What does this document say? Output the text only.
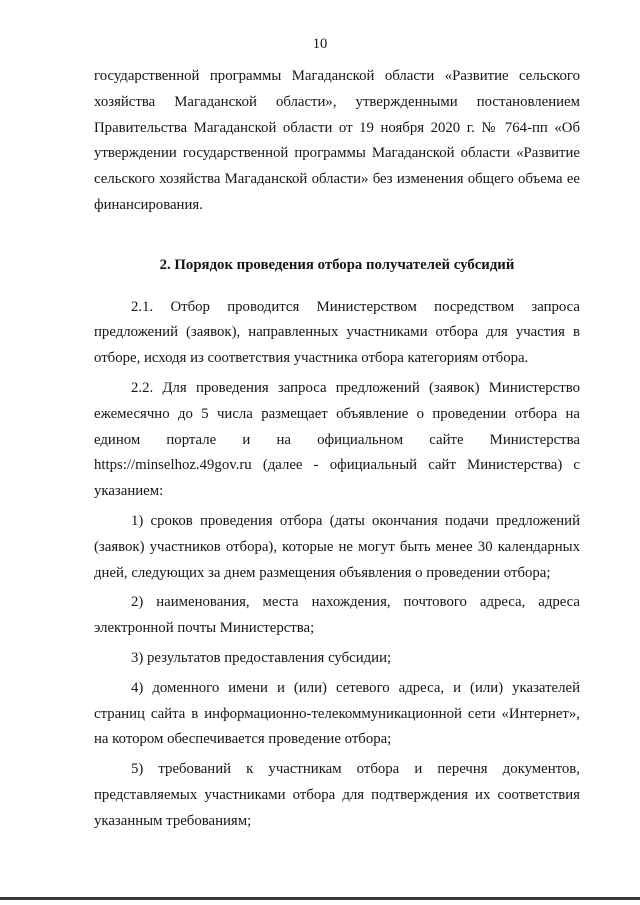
10

государственной программы Магаданской области «Развитие сельского хозяйства Магаданской области», утвержденными постановлением Правительства Магаданской области от 19 ноября 2020 г. № 764-пп «Об утверждении государственной программы Магаданской области «Развитие сельского хозяйства Магаданской области» без изменения общего объема ее финансирования.

2. Порядок проведения отбора получателей субсидий

2.1. Отбор проводится Министерством посредством запроса предложений (заявок), направленных участниками отбора для участия в отборе, исходя из соответствия участника отбора категориям отбора.

2.2. Для проведения запроса предложений (заявок) Министерство ежемесячно до 5 числа размещает объявление о проведении отбора на едином портале и на официальном сайте Министерства https://minselhoz.49gov.ru (далее - официальный сайт Министерства) с указанием:

1) сроков проведения отбора (даты окончания подачи предложений (заявок) участников отбора), которые не могут быть менее 30 календарных дней, следующих за днем размещения объявления о проведении отбора;

2) наименования, места нахождения, почтового адреса, адреса электронной почты Министерства;

3) результатов предоставления субсидии;

4) доменного имени и (или) сетевого адреса, и (или) указателей страниц сайта в информационно-телекоммуникационной сети «Интернет», на котором обеспечивается проведение отбора;

5) требований к участникам отбора и перечня документов, представляемых участниками отбора для подтверждения их соответствия указанным требованиям;
